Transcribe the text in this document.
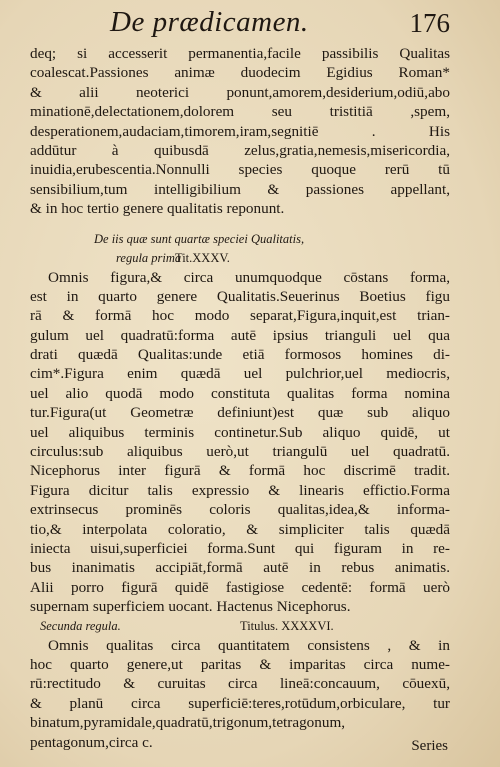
De prædicamen.	176
deq; si accesserit permanentia,facile passibilis Qualitas
coalescat.Passiones animæ duodecim Egidius Roman*
& alii neoterici ponunt,amorem,desiderium,odiū,abo
minationē,delectationem,dolorem seu tristitiā ,spem,
desperationem,audaciam,timorem,iram,segnitiē . His
addūtur à quibusdā zelus,gratia,nemesis,misericordia,
inuidia,erubescentia.Nonnulli species quoque rerū tū
sensibilium,tum intelligibilium & passiones appellant,
& in hoc tertio genere qualitatis reponunt.
De iis quæ sunt quartæ speciei Qualitatis,
regula prima
Tit.XXXV.
Omnis figura,& circa unumquodque cōstans forma,
est in quarto genere Qualitatis.Seuerinus Boetius figu
rā & formā hoc modo separat,Figura,inquit,est trian-
gulum uel quadratū:forma autē ipsius trianguli uel qua
drati quædā Qualitas:unde etiā formosos homines di-
cim*.Figura enim quædā uel pulchrior,uel mediocris,
uel alio quodā modo constituta qualitas forma nomina
tur.Figura(ut Geometræ definiunt)est quæ sub aliquo
uel aliquibus terminis continetur.Sub aliquo quidē, ut
circulus:sub aliquibus uerò,ut triangulū uel quadratū.
Nicephorus inter figurā & formā hoc discrimē tradit.
Figura dicitur talis expressio & linearis effictio.Forma
extrinsecus prominēs coloris qualitas,idea,& informa-
tio,& interpolata coloratio, & simpliciter talis quædā
iniecta uisui,superficiei forma.Sunt qui figuram in re-
bus inanimatis accipiāt,formā autē in rebus animatis.
Alii porro figurā quidē fastigiose cedentē: formā uerò
supernam superficiem uocant. Hactenus Nicephorus.
Secunda regula.	Titulus. XXXXVI.
Omnis qualitas circa quantitatem consistens , & in
hoc quarto genere,ut paritas & imparitas circa nume-
rū:rectitudo & curuitas circa lineā:concauum, cōuexū,
& planū circa superficiē:teres,rotūdum,orbiculare, tur
binatum,pyramidale,quadratū,trigonum,tetragonum,
pentagonum,circa c.	Series
